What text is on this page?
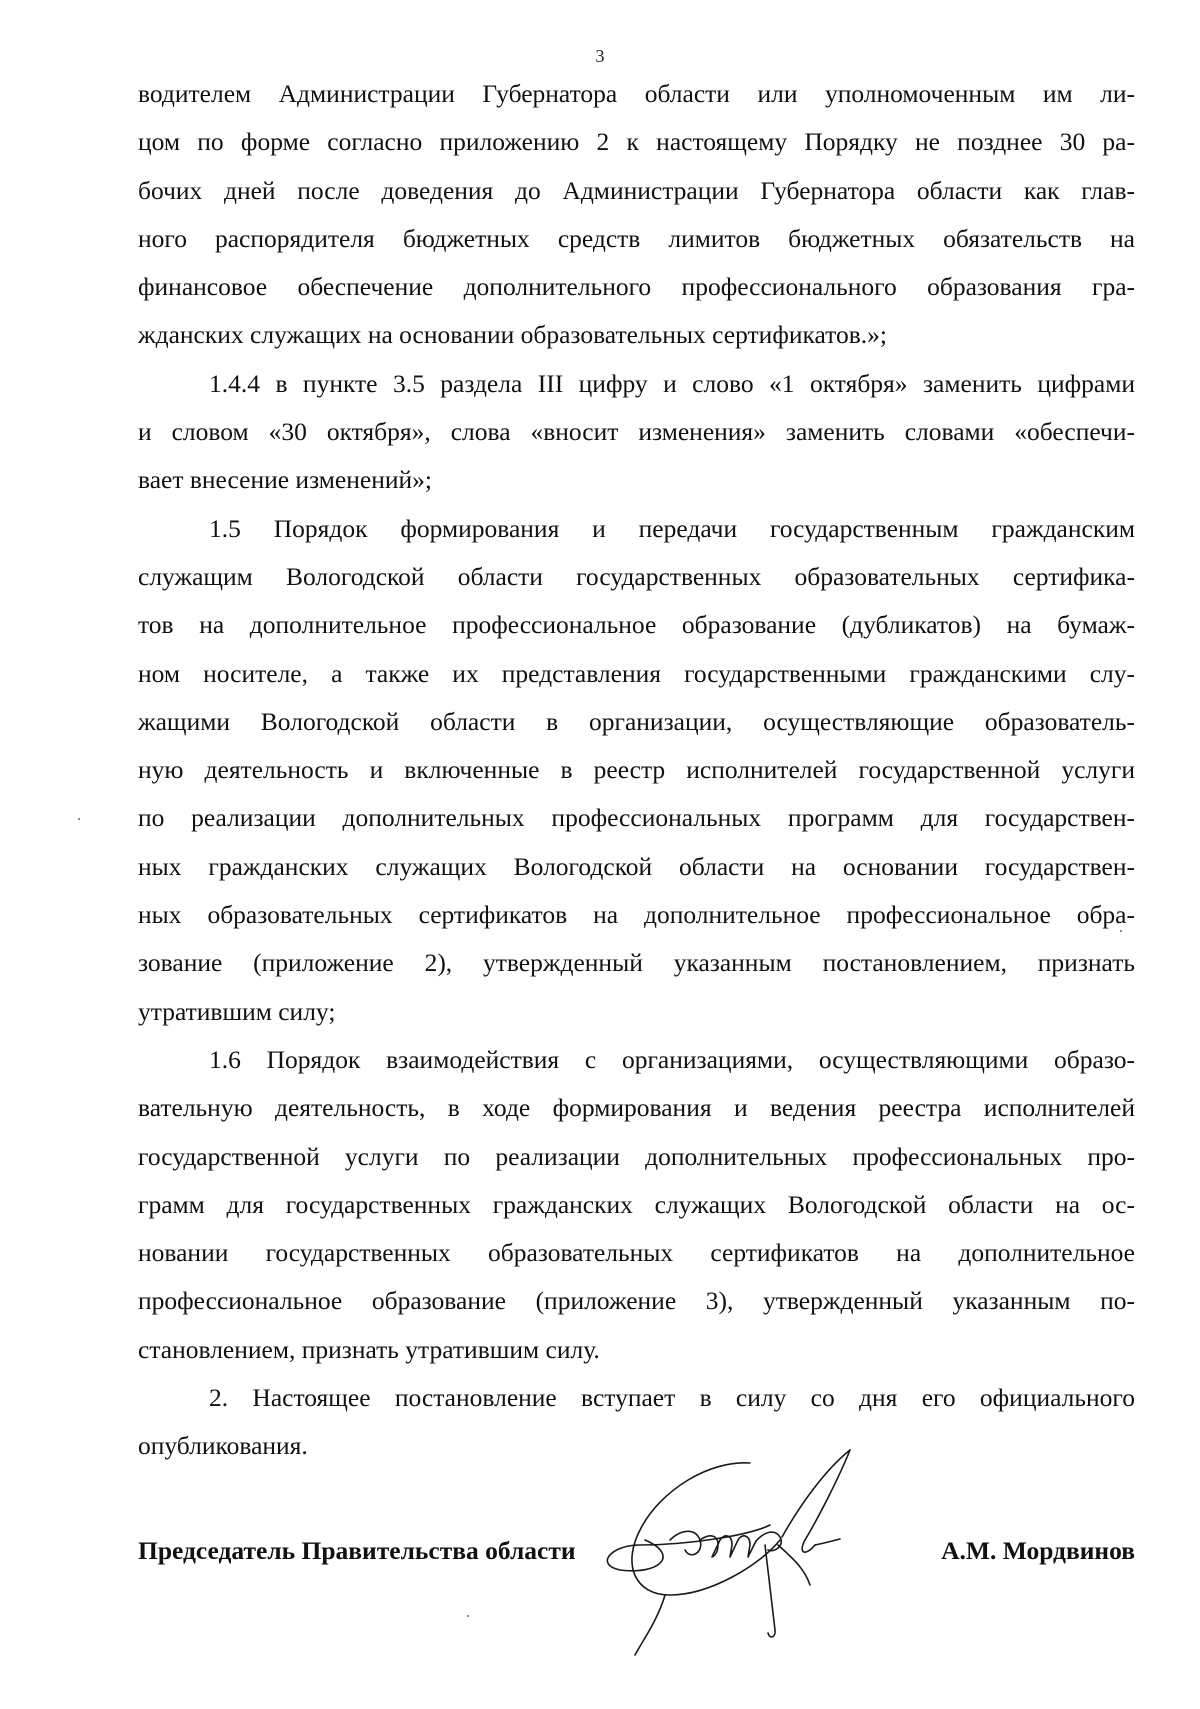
3

водителем Администрации Губернатора области или уполномоченным им ли-
цом по форме согласно приложению 2 к настоящему Порядку не позднее 30 ра-
бочих дней после доведения до Администрации Губернатора области как глав-
ного распорядителя бюджетных средств лимитов бюджетных обязательств на
финансовое обеспечение дополнительного профессионального образования гра-
жданских служащих на основании образовательных сертификатов.»;

1.4.4 в пункте 3.5 раздела III цифру и слово «1 октября» заменить цифрами
и словом «30 октября», слова «вносит изменения» заменить словами «обеспечи-
вает внесение изменений»;

1.5 Порядок формирования и передачи государственным гражданским
служащим Вологодской области государственных образовательных сертифика-
тов на дополнительное профессиональное образование (дубликатов) на бумаж-
ном носителе, а также их представления государственными гражданскими слу-
жащими Вологодской области в организации, осуществляющие образователь-
ную деятельность и включенные в реестр исполнителей государственной услуги
по реализации дополнительных профессиональных программ для государствен-
ных гражданских служащих Вологодской области на основании государствен-
ных образовательных сертификатов на дополнительное профессиональное обра-
зование (приложение 2), утвержденный указанным постановлением, признать
утратившим силу;

1.6 Порядок взаимодействия с организациями, осуществляющими образо-
вательную деятельность, в ходе формирования и ведения реестра исполнителей
государственной услуги по реализации дополнительных профессиональных про-
грамм для государственных гражданских служащих Вологодской области на ос-
новании государственных образовательных сертификатов на дополнительное
профессиональное образование (приложение 3), утвержденный указанным по-
становлением, признать утратившим силу.

2. Настоящее постановление вступает в силу со дня его официального
опубликования.

Председатель Правительства области	А.М. Мордвинов
